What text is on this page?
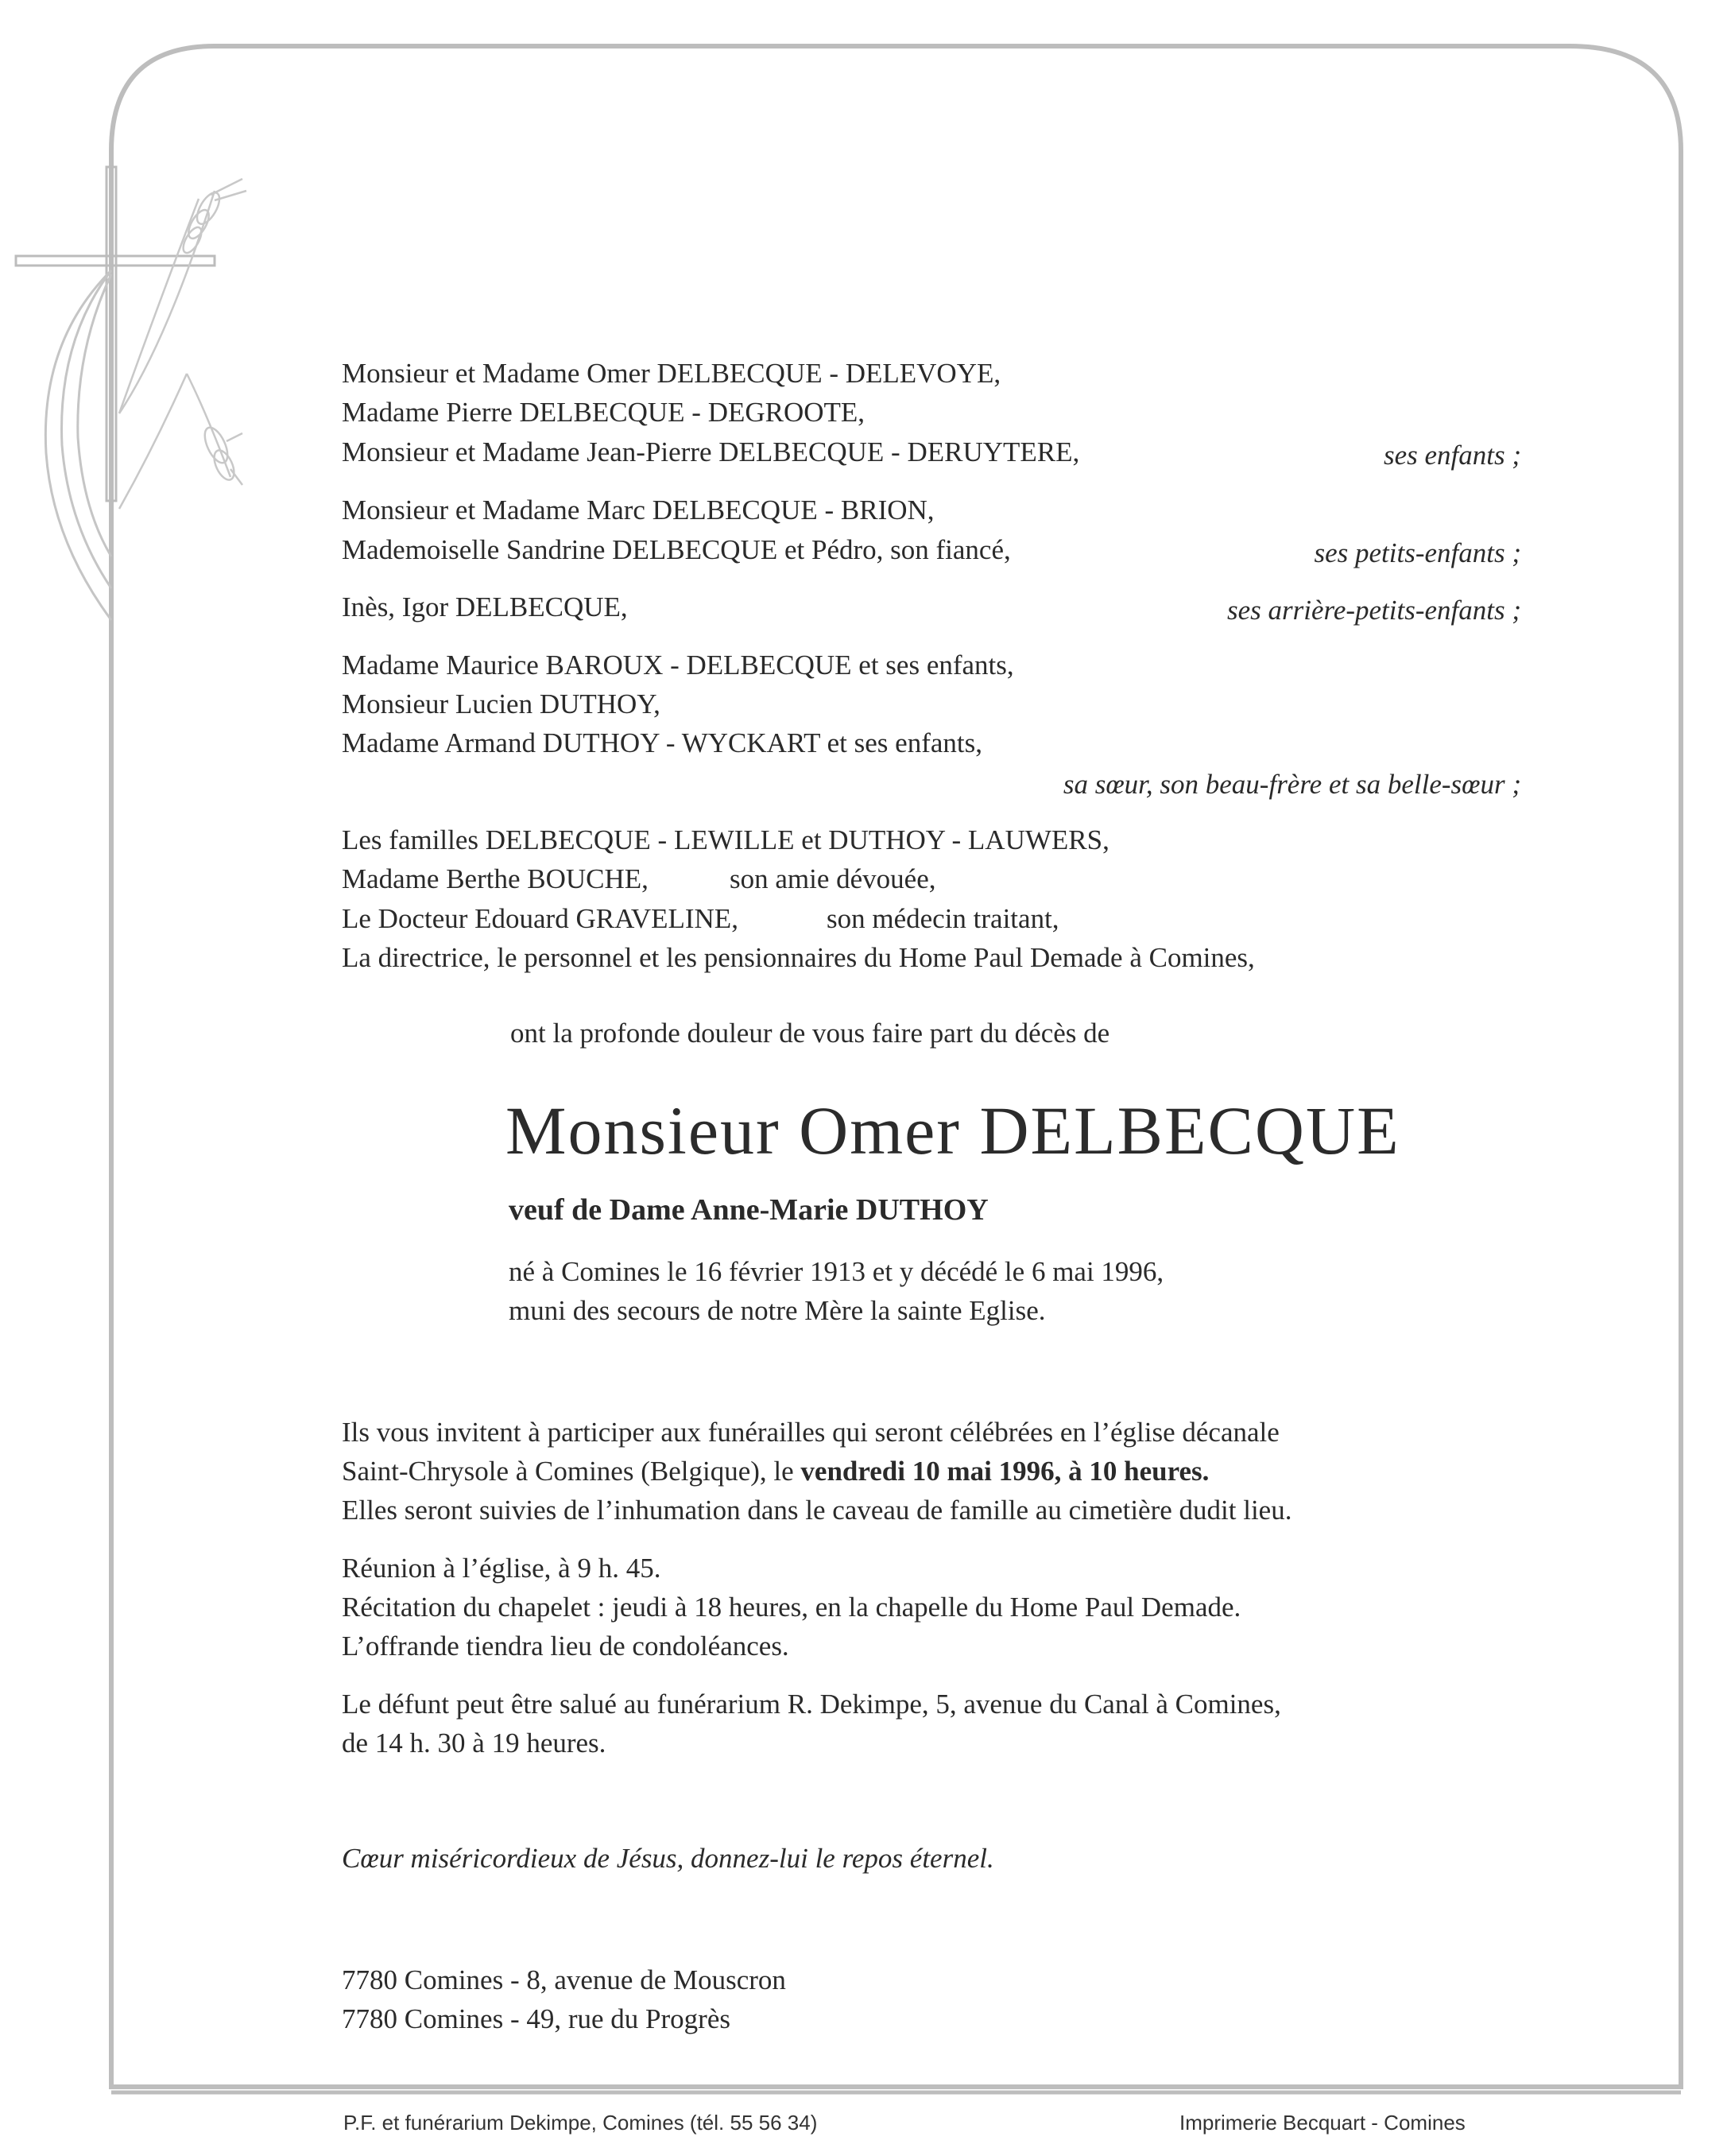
Monsieur et Madame Omer DELBECQUE - DELEVOYE,
Madame Pierre DELBECQUE - DEGROOTE,
Monsieur et Madame Jean-Pierre DELBECQUE - DERUYTERE,	ses enfants ;
Monsieur et Madame Marc DELBECQUE - BRION,
Mademoiselle Sandrine DELBECQUE et Pédro, son fiancé,	ses petits-enfants ;
Inès, Igor DELBECQUE,	ses arrière-petits-enfants ;
Madame Maurice BAROUX - DELBECQUE et ses enfants,
Monsieur Lucien DUTHOY,
Madame Armand DUTHOY - WYCKART et ses enfants,
sa sœur, son beau-frère et sa belle-sœur ;
Les familles DELBECQUE - LEWILLE et DUTHOY - LAUWERS,
Madame Berthe BOUCHE,	son amie dévouée,
Le Docteur Edouard GRAVELINE,	son médecin traitant,
La directrice, le personnel et les pensionnaires du Home Paul Demade à Comines,
ont la profonde douleur de vous faire part du décès de
Monsieur Omer DELBECQUE
veuf de Dame Anne-Marie DUTHOY
né à Comines le 16 février 1913 et y décédé le 6 mai 1996,
muni des secours de notre Mère la sainte Eglise.
Ils vous invitent à participer aux funérailles qui seront célébrées en l’église décanale
Saint-Chrysole à Comines (Belgique), le vendredi 10 mai 1996, à 10 heures.
Elles seront suivies de l’inhumation dans le caveau de famille au cimetière dudit lieu.
Réunion à l’église, à 9 h. 45.
Récitation du chapelet : jeudi à 18 heures, en la chapelle du Home Paul Demade.
L’offrande tiendra lieu de condoléances.
Le défunt peut être salué au funérarium R. Dekimpe, 5, avenue du Canal à Comines,
de 14 h. 30 à 19 heures.
Cœur miséricordieux de Jésus, donnez-lui le repos éternel.
7780 Comines - 8, avenue de Mouscron
7780 Comines - 49, rue du Progrès
P.F. et funérarium Dekimpe, Comines (tél. 55 56 34)	Imprimerie Becquart - Comines
